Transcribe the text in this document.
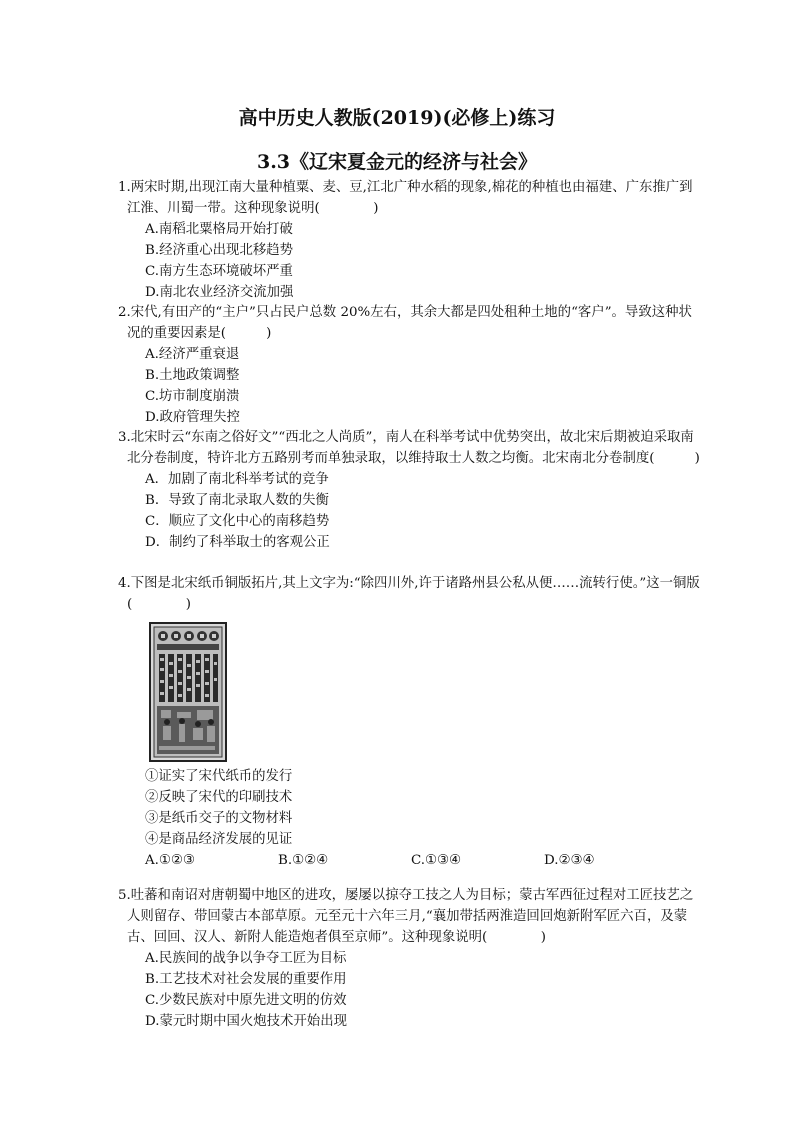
高中历史人教版(2019)(必修上)练习
3.3《辽宋夏金元的经济与社会》
1.两宋时期,出现江南大量种植粟、麦、豆,江北广种水稻的现象,棉花的种植也由福建、广东推广到江淮、川蜀一带。这种现象说明(　　　　)
A.南稻北粟格局开始打破
B.经济重心出现北移趋势
C.南方生态环境破坏严重
D.南北农业经济交流加强
2.宋代,有田产的“主户”只占民户总数 20%左右，其余大都是四处租种土地的“客户”。导致这种状况的重要因素是(　　　)
A.经济严重衰退
B.土地政策调整
C.坊市制度崩溃
D.政府管理失控
3.北宋时云“东南之俗好文”“西北之人尚质”，南人在科举考试中优势突出，故北宋后期被迫采取南北分卷制度，特许北方五路别考而单独录取，以维持取士人数之均衡。北宋南北分卷制度(　　　)
A．加剧了南北科举考试的竞争
B．导致了南北录取人数的失衡
C．顺应了文化中心的南移趋势
D．制约了科举取士的客观公正
4.下图是北宋纸币铜版拓片,其上文字为:“除四川外,许于诸路州县公私从便……流转行使。”这一铜版(　　　　)
①证实了宋代纸币的发行
②反映了宋代的印刷技术
③是纸币交子的文物材料
④是商品经济发展的见证
A.①②③	B.①②④	C.①③④	D.②③④
5.吐蕃和南诏对唐朝蜀中地区的进攻，屡屡以掠夺工技之人为目标；蒙古军西征过程对工匠技艺之人则留存、带回蒙古本部草原。元至元十六年三月,“襄加带括两淮造回回炮新附军匠六百，及蒙古、回回、汉人、新附人能造炮者俱至京师”。这种现象说明(　　　　)
A.民族间的战争以争夺工匠为目标
B.工艺技术对社会发展的重要作用
C.少数民族对中原先进文明的仿效
D.蒙元时期中国火炮技术开始出现
